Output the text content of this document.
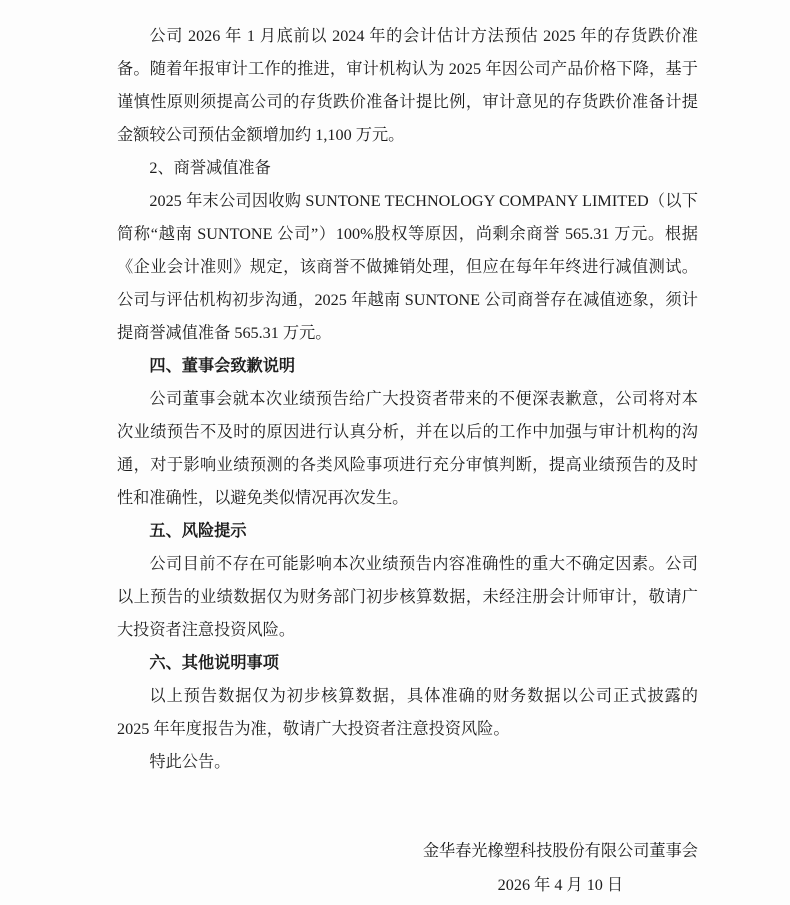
公司 2026 年 1 月底前以 2024 年的会计估计方法预估 2025 年的存货跌价准备。随着年报审计工作的推进，审计机构认为 2025 年因公司产品价格下降，基于谨慎性原则须提高公司的存货跌价准备计提比例，审计意见的存货跌价准备计提金额较公司预估金额增加约 1,100 万元。

2、商誉减值准备

2025 年末公司因收购 SUNTONE TECHNOLOGY COMPANY LIMITED（以下简称“越南 SUNTONE 公司”）100%股权等原因，尚剩余商誉 565.31 万元。根据《企业会计准则》规定，该商誉不做摊销处理，但应在每年年终进行减值测试。公司与评估机构初步沟通，2025 年越南 SUNTONE 公司商誉存在减值迹象，须计提商誉减值准备 565.31 万元。

四、董事会致歉说明

公司董事会就本次业绩预告给广大投资者带来的不便深表歉意，公司将对本次业绩预告不及时的原因进行认真分析，并在以后的工作中加强与审计机构的沟通，对于影响业绩预测的各类风险事项进行充分审慎判断，提高业绩预告的及时性和准确性，以避免类似情况再次发生。

五、风险提示

公司目前不存在可能影响本次业绩预告内容准确性的重大不确定因素。公司以上预告的业绩数据仅为财务部门初步核算数据，未经注册会计师审计，敬请广大投资者注意投资风险。

六、其他说明事项

以上预告数据仅为初步核算数据，具体准确的财务数据以公司正式披露的 2025 年年度报告为准，敬请广大投资者注意投资风险。

特此公告。

金华春光橡塑科技股份有限公司董事会
2026 年 4 月 10 日
